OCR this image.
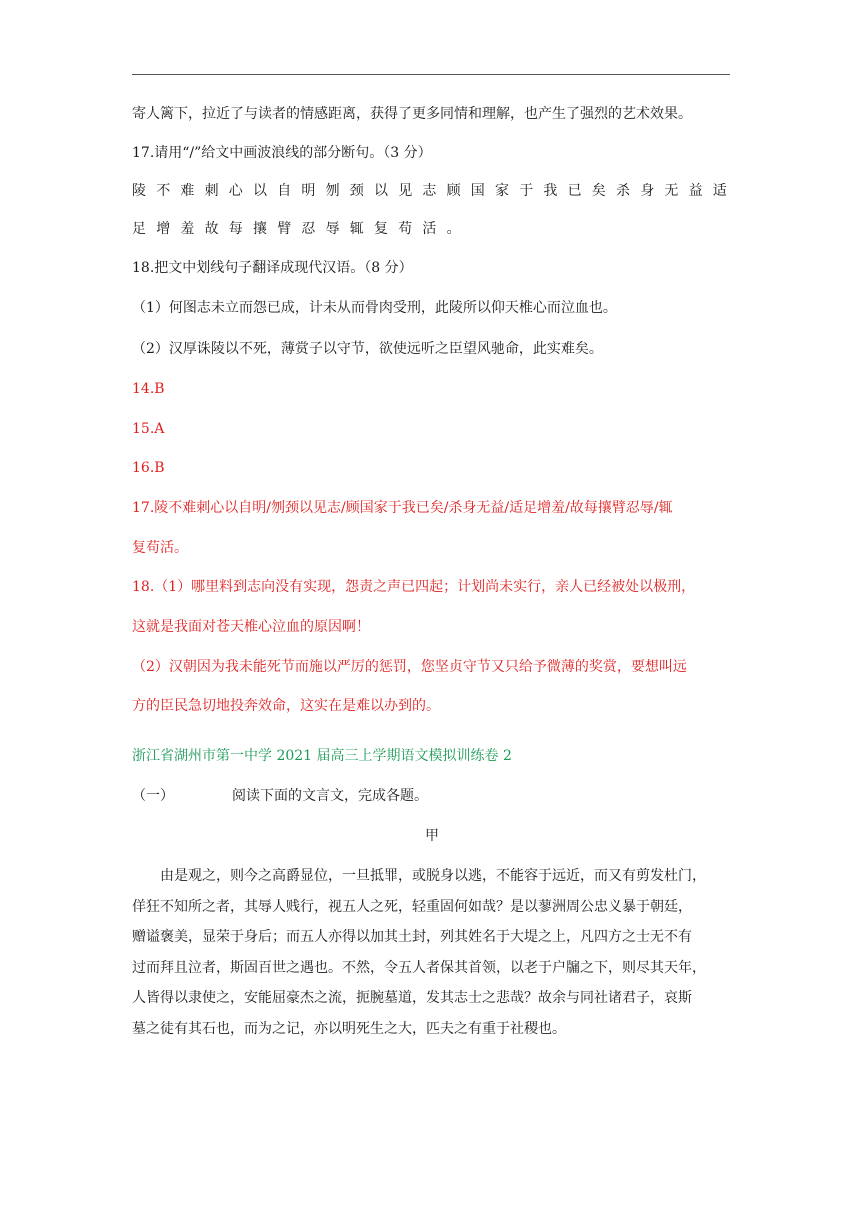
寄人篱下，拉近了与读者的情感距离，获得了更多同情和理解，也产生了强烈的艺术效果。
17.请用“/”给文中画波浪线的部分断句。（3 分）
陵不难刺心以自明刎颈以见志顾国家于我已矣杀身无益适
足增羞故每攘臂忍辱辄复苟活。
18.把文中划线句子翻译成现代汉语。（8 分）
（1）何图志未立而怨已成，计未从而骨肉受刑，此陵所以仰天椎心而泣血也。
（2）汉厚诛陵以不死，薄赏子以守节，欲使远听之臣望风驰命，此实难矣。
14.B
15.A
16.B
17.陵不难刺心以自明/刎颈以见志/顾国家于我已矣/杀身无益/适足增羞/故每攘臂忍辱/辄
复苟活。
18.（1）哪里料到志向没有实现，怨责之声已四起；计划尚未实行，亲人已经被处以极刑，
这就是我面对苍天椎心泣血的原因啊！
（2）汉朝因为我未能死节而施以严厉的惩罚，您坚贞守节又只给予微薄的奖赏，要想叫远
方的臣民急切地投奔效命，这实在是难以办到的。
浙江省湖州市第一中学 2021 届高三上学期语文模拟训练卷 2
（一）	阅读下面的文言文，完成各题。
甲
由是观之，则今之高爵显位，一旦抵罪，或脱身以逃，不能容于远近，而又有剪发杜门，
佯狂不知所之者，其辱人贱行，视五人之死，轻重固何如哉？是以蓼洲周公忠义暴于朝廷，
赠谥褒美，显荣于身后；而五人亦得以加其土封，列其姓名于大堤之上，凡四方之士无不有
过而拜且泣者，斯固百世之遇也。不然，令五人者保其首领，以老于户牖之下，则尽其天年，
人皆得以隶使之，安能屈豪杰之流，扼腕墓道，发其志士之悲哉？故余与同社诸君子，哀斯
墓之徒有其石也，而为之记，亦以明死生之大，匹夫之有重于社稷也。
